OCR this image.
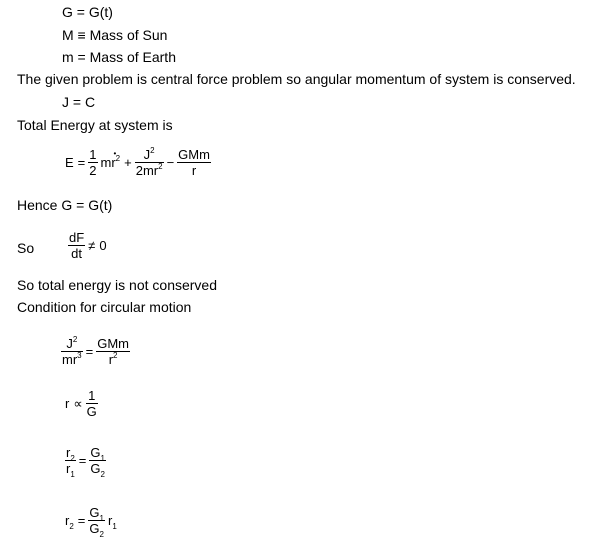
G = G(t)
M ≡ Mass of Sun
m = Mass of Earth
The given problem is central force problem so angular momentum of system is conserved.
J = C
Total Energy at system is
$E = \frac{1}{2}$ mr
•
$^2 + \frac{J^2}{2mr^2} - \frac{\text{GMm}}{r}$
Hence G = G(t)
So	$\frac{dF}{dt} \ne 0$
So total energy is not conserved
Condition for circular motion
$\frac{J^2}{mr^3} = \frac{\text{GMm}}{r^2}$
$r \propto \frac{1}{G}$
$\frac{r_2}{r_1} = \frac{G_1}{G_2}$
$r_2 = \frac{G_1}{G_2} r_1$
